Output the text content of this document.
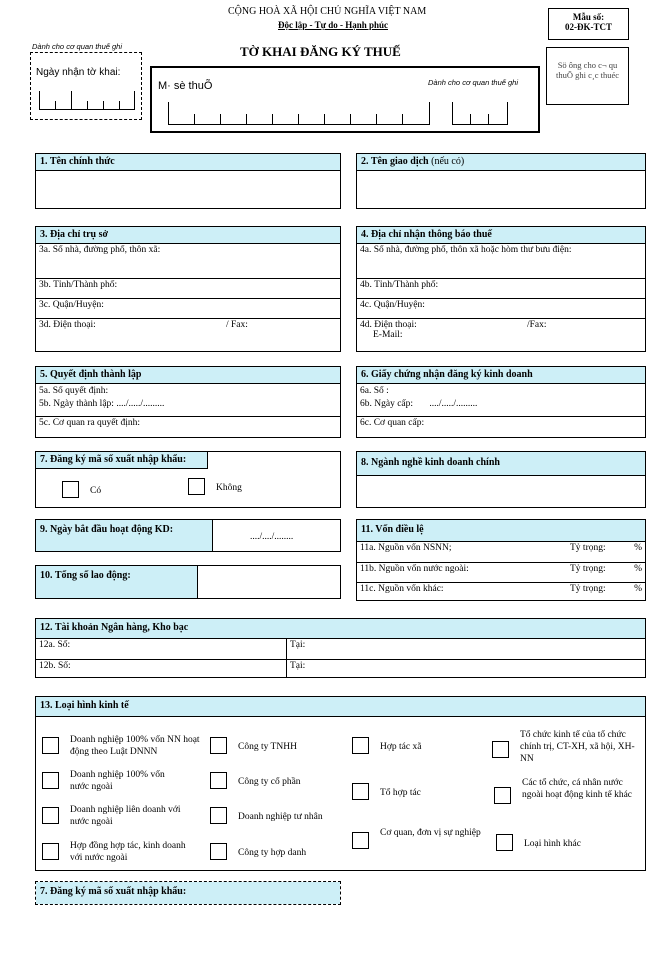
CỘNG HOÀ XÃ HỘI CHỦ NGHĨA VIỆT NAM
Độc lập - Tự do - Hạnh phúc
TỜ KHAI ĐĂNG KÝ THUẾ
Mẫu số:
02-ĐK-TCT
Sö ông cho c¬ qu thuÕ ghi c¸c thuéc
Dành cho cơ quan thuế ghi
Ngày nhận tờ khai:
M· sè thuÕ	Dành cho cơ quan thuế ghi
1. Tên chính thức	2. Tên giao dịch (nếu có)
3. Địa chỉ trụ sở
3a. Số nhà, đường phố, thôn xã:
3b. Tỉnh/Thành phố:
3c. Quận/Huyện:
3d. Điện thoại:	/ Fax:
4. Địa chỉ nhận thông báo thuế
4a. Số nhà, đường phố, thôn xã hoặc hòm thư bưu điện:
4b. Tỉnh/Thành phố:
4c. Quận/Huyện:
4d. Điện thoại:	/Fax:
E-Mail:
5. Quyết định thành lập
5a. Số quyết định:
5b. Ngày thành lập: ..../...../.........
5c. Cơ quan ra quyết định:
6. Giấy chứng nhận đăng ký kinh doanh
6a. Số :
6b. Ngày cấp: ..../...../.........
6c. Cơ quan cấp:
7. Đăng ký mã số xuất nhập khẩu:
Có	Không
8. Ngành nghề kinh doanh chính
9. Ngày bắt đầu hoạt động KD:
..../..../........
10. Tổng số lao động:
11. Vốn điều lệ
11a. Nguồn vốn NSNN;	Tỷ trọng:	%
11b. Nguồn vốn nước ngoài:	Tỷ trọng:	%
11c. Nguồn vốn khác:	Tỷ trọng:	%
12. Tài khoản Ngân hàng, Kho bạc
12a. Số:	Tại:
12b. Số:	Tại:
13. Loại hình kinh tế
Doanh nghiệp 100% vốn NN hoạt động theo Luật DNNN
Doanh nghiệp 100% vốn nước ngoài
Doanh nghiệp liên doanh với nước ngoài
Hợp đồng hợp tác, kinh doanh với nước ngoài
Công ty TNHH
Công ty cổ phần
Doanh nghiệp tư nhân
Công ty hợp danh
Hợp tác xã
Tổ hợp tác
Cơ quan, đơn vị sự nghiệp
Tổ chức kinh tế của tổ chức chính trị, CT-XH, xã hội, XH-NN
Các tổ chức, cá nhân nước ngoài hoạt động kinh tế khác
Loại hình khác
7. Đăng ký mã số xuất nhập khẩu:
